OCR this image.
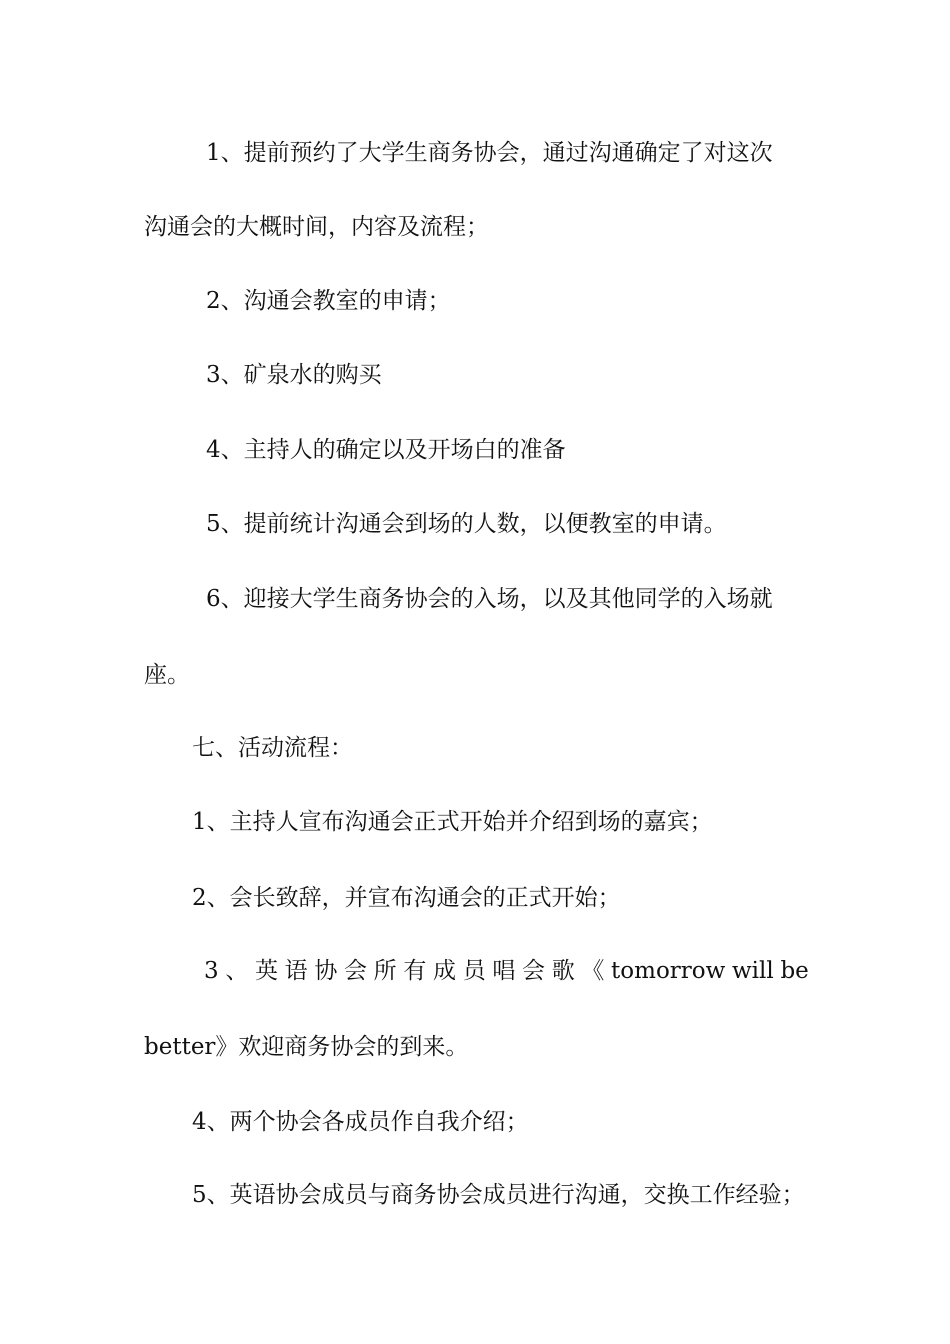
1、提前预约了大学生商务协会，通过沟通确定了对这次
沟通会的大概时间，内容及流程；
2、沟通会教室的申请；
3、矿泉水的购买
4、主持人的确定以及开场白的准备
5、提前统计沟通会到场的人数，以便教室的申请。
6、迎接大学生商务协会的入场，以及其他同学的入场就
座。
七、活动流程：
1、主持人宣布沟通会正式开始并介绍到场的嘉宾；
2、会长致辞，并宣布沟通会的正式开始；
3 、 英 语 协 会 所 有 成 员 唱 会 歌 《 tomorrow will be
better》欢迎商务协会的到来。
4、两个协会各成员作自我介绍；
5、英语协会成员与商务协会成员进行沟通，交换工作经验；
